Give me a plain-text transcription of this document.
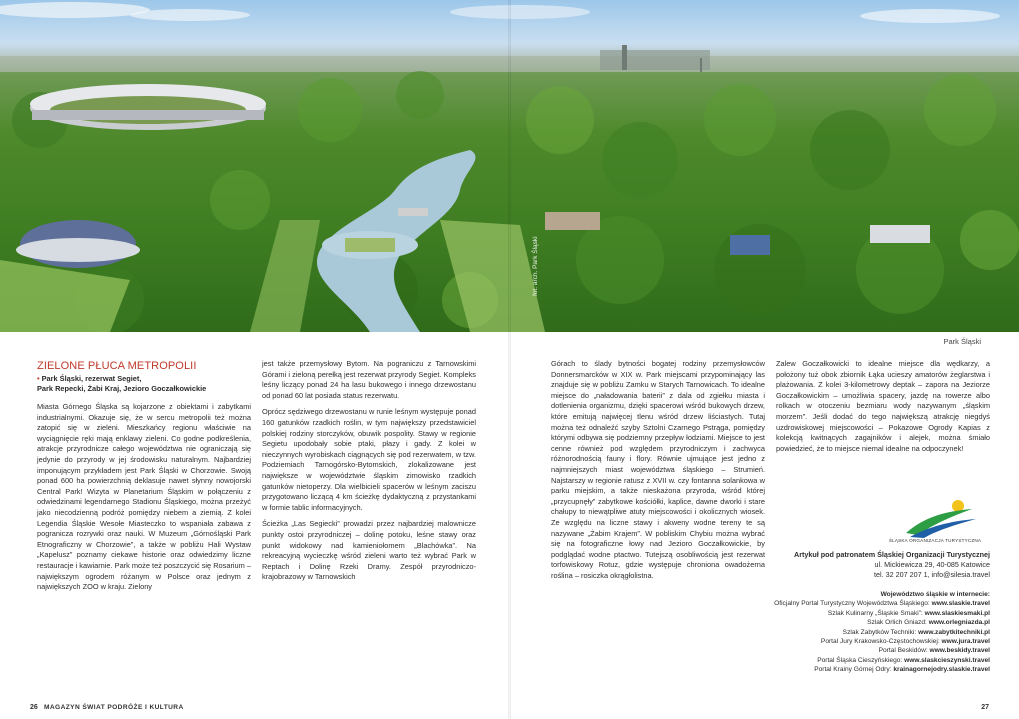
fot. arch. Park Śląski
Park Śląski
ZIELONE PŁUCA METROPOLII
• Park Śląski, rezerwat Segiet,
Park Repecki, Żabi Kraj, Jezioro Goczałkowickie

Miasta Górnego Śląska są kojarzone z obiektami i zabytkami industrialnymi. Okazuje się, że w sercu metropolii też można zatopić się w zieleni. Mieszkańcy regionu właściwie na wyciągnięcie ręki mają enklawy zieleni. Co godne podkreślenia, atrakcje przyrodnicze całego województwa nie ograniczają się jedynie do przyrody w jej środowisku naturalnym. Najbardziej imponującym przykładem jest Park Śląski w Chorzowie. Swoją ponad 600 ha powierzchnią deklasuje nawet słynny nowojorski Central Park! Wizyta w Planetarium Śląskim w połączeniu z odwiedzinami legendarnego Stadionu Śląskiego, można przeżyć jako niecodzienną podróż pomiędzy niebem a ziemią. Z kolei Legendia Śląskie Wesołe Miasteczko to wspaniała zabawa z pogranicza rozrywki oraz nauki. W Muzeum „Górnośląski Park Etnograficzny w Chorzowie”, a także w pobliżu Hali Wystaw „Kapelusz” poznamy ciekawe historie oraz odwiedzimy liczne restauracje i kawiarnie. Park może też poszczycić się Rosarium – największym ogrodem różanym w Polsce oraz jednym z największych ZOO w kraju. Zielony

jest także przemysłowy Bytom. Na pograniczu z Tarnowskimi Górami i zieloną perełką jest rezerwat przyrody Segiet. Kompleks leśny liczący ponad 24 ha lasu bukowego i innego drzewostanu od ponad 60 lat posiada status rezerwatu.

Oprócz sędziwego drzewostanu w runie leśnym występuje ponad 160 gatunków rzadkich roślin, w tym największy przedstawiciel polskiej rodziny storczyków, obuwik pospolity. Stawy w regionie Segietu upodobały sobie ptaki, płazy i gady. Z kolei w nieczynnych wyrobiskach ciągnących się pod rezerwatem, w tzw. Podziemiach Tarnogórsko-Bytomskich, zlokalizowane jest największe w województwie śląskim zimowisko rzadkich gatunków nietoperzy. Dla wielbicieli spacerów w leśnym zaciszu przygotowano liczącą 4 km ścieżkę dydaktyczną z przystankami w formie tablic informacyjnych.

Ścieżka „Las Segiecki” prowadzi przez najbardziej malownicze punkty ostoi przyrodniczej – dolinę potoku, leśne stawy oraz punkt widokowy nad kamieniołomem „Blachówka”. Na rekreacyjną wycieczkę wśród zieleni warto też wybrać Park w Reptach i Dolinę Rzeki Dramy. Zespół przyrodniczo-krajobrazowy w Tarnowskich

Górach to ślady bytności bogatej rodziny przemysłowców Donnersmarcków w XIX w. Park miejscami przypominający las znajduje się w pobliżu Zamku w Starych Tarnowicach. To idealne miejsce do „naładowania baterii” z dala od zgiełku miasta i dotlenienia organizmu, dzięki spacerowi wśród bukowych drzew, które emitują najwięcej tlenu wśród drzew liściastych. Tutaj można też odnaleźć szyby Sztolni Czarnego Pstrąga, pomiędzy którymi odbywa się podziemny przepływ łodziami. Miejsce to jest cenne również pod względem przyrodniczym i zachwyca różnorodnością fauny i flory. Równie ujmujące jest jedno z najmniejszych miast województwa śląskiego – Strumień. Najstarszy w regionie ratusz z XVII w. czy fontanna solankowa w parku miejskim, a także nieskażona przyroda, wśród której „przycupnęły” zabytkowe kościółki, kaplice, dawne dworki i stare chałupy to niewątpliwe atuty miejscowości i okolicznych wiosek. Ze względu na liczne stawy i akweny wodne tereny te są nazywane „Żabim Krajem”. W pobliskim Chybiu można wybrać się na fotograficzne łowy nad Jezioro Goczałkowickie, by podglądać wodne ptactwo. Tutejszą osobliwością jest rezerwat torfowiskowy Rotuz, gdzie występuje chroniona owadożerna roślina – rosiczka okrągłolistna.

Zalew Goczałkowicki to idealne miejsce dla wędkarzy, a położony tuż obok zbiornik Łąka ucieszy amatorów żeglarstwa i plażowania. Z kolei 3-kilometrowy deptak – zapora na Jeziorze Goczałkowickim – umożliwia spacery, jazdę na rowerze albo rolkach w otoczeniu bezmiaru wody nazywanym „śląskim morzem”. Jeśli dodać do tego największą atrakcję niegdyś uzdrowiskowej miejscowości – Pokazowe Ogrody Kapias z kolekcją kwitnących zagajników i alejek, można śmiało powiedzieć, że to miejsce niemal idealne na odpoczynek!

ŚLĄSKA ORGANIZACJA TURYSTYCZNA
Artykuł pod patronatem Śląskiej Organizacji Turystycznej
ul. Mickiewicza 29, 40-085 Katowice
tel. 32 207 207 1, info@silesia.travel
Województwo śląskie w internecie:
Oficjalny Portal Turystyczny Województwa Śląskiego: www.slaskie.travel
Szlak Kulinarny „Śląskie Smaki”: www.slaskiesmaki.pl
Szlak Orlich Gniazd: www.orlegniazda.pl
Szlak Zabytków Techniki: www.zabytkitechniki.pl
Portal Jury Krakowsko-Częstochowskiej: www.jura.travel
Portal Beskidów: www.beskidy.travel
Portal Śląska Cieszyńskiego: www.slaskcieszynski.travel
Portal Krainy Górnej Odry: krainagornejodry.slaskie.travel
26 MAGAZYN ŚWIAT PODRÓŻE I KULTURA	27
